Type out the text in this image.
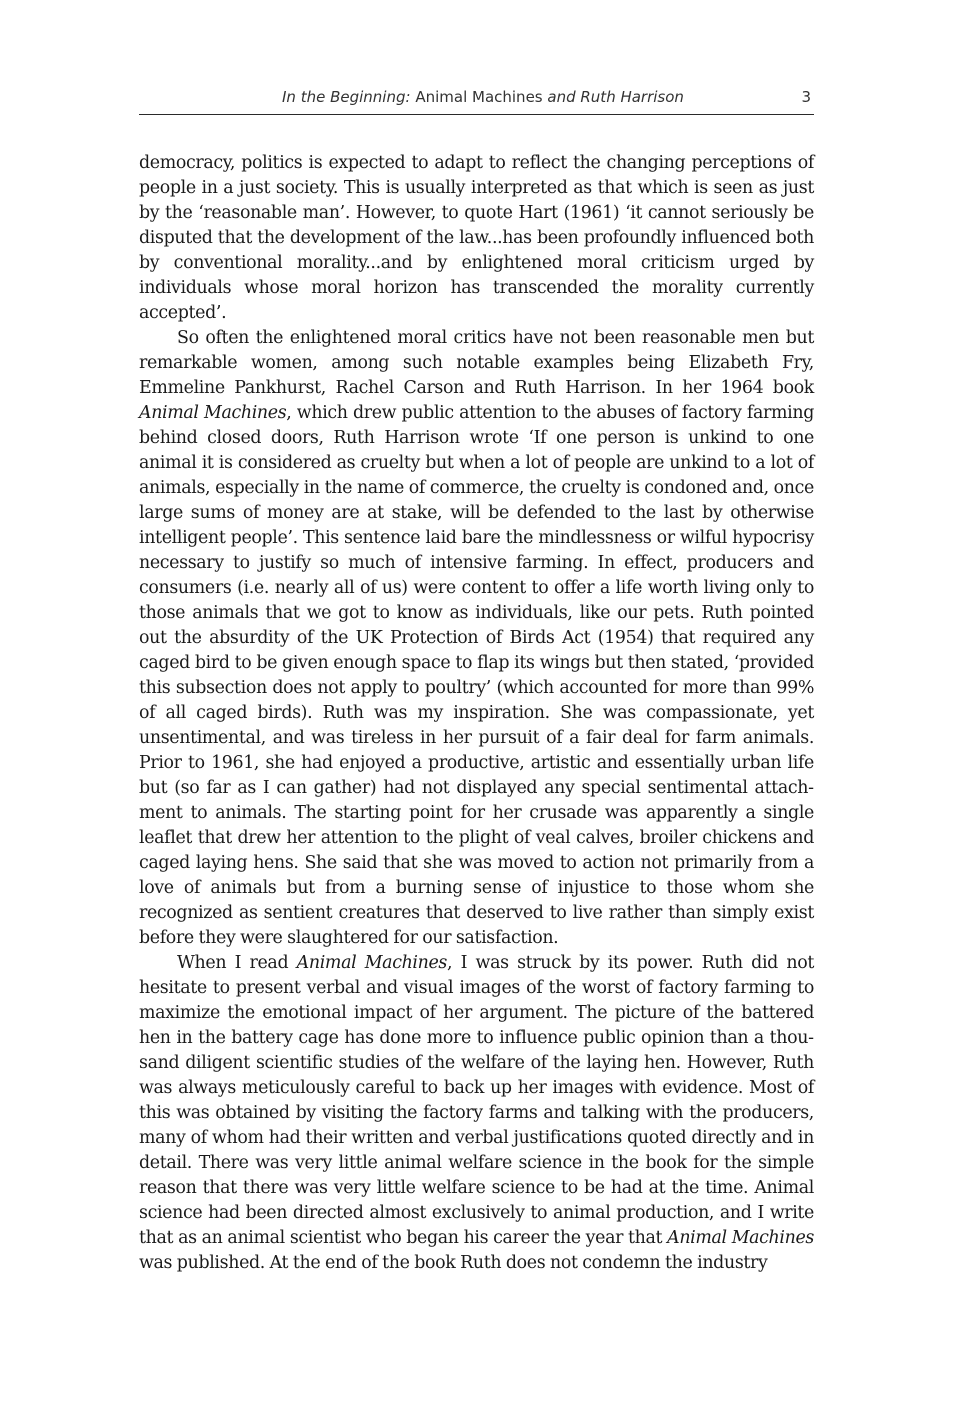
In the Beginning: Animal Machines and Ruth Harrison	3

democracy, politics is expected to adapt to reflect the changing perceptions of people in a just society. This is usually interpreted as that which is seen as just by the ‘reasonable man’. However, to quote Hart (1961) ‘it cannot seriously be disputed that the development of the law...has been profoundly influenced both by conventional morality...and by enlightened moral criticism urged by individuals whose moral horizon has transcended the morality currently accepted’.

So often the enlightened moral critics have not been reasonable men but remarkable women, among such notable examples being Elizabeth Fry, Emmeline Pankhurst, Rachel Carson and Ruth Harrison. In her 1964 book Animal Machines, which drew public attention to the abuses of factory farming behind closed doors, Ruth Harrison wrote ‘If one person is unkind to one animal it is considered as cruelty but when a lot of people are unkind to a lot of animals, especially in the name of commerce, the cruelty is condoned and, once large sums of money are at stake, will be defended to the last by otherwise intelligent people’. This sentence laid bare the mindlessness or wilful hypocrisy necessary to justify so much of intensive farming. In effect, producers and consumers (i.e. nearly all of us) were content to offer a life worth living only to those animals that we got to know as individuals, like our pets. Ruth pointed out the absurdity of the UK Protection of Birds Act (1954) that required any caged bird to be given enough space to flap its wings but then stated, ‘provided this subsection does not apply to poultry’ (which accounted for more than 99% of all caged birds). Ruth was my inspiration. She was compassionate, yet unsentimental, and was tireless in her pursuit of a fair deal for farm animals. Prior to 1961, she had enjoyed a productive, artistic and essentially urban life but (so far as I can gather) had not displayed any special sentimental attachment to animals. The starting point for her crusade was apparently a single leaflet that drew her attention to the plight of veal calves, broiler chickens and caged laying hens. She said that she was moved to action not primarily from a love of animals but from a burning sense of injustice to those whom she recognized as sentient creatures that deserved to live rather than simply exist before they were slaughtered for our satisfaction.

When I read Animal Machines, I was struck by its power. Ruth did not hesitate to present verbal and visual images of the worst of factory farming to maximize the emotional impact of her argument. The picture of the battered hen in the battery cage has done more to influence public opinion than a thousand diligent scientific studies of the welfare of the laying hen. However, Ruth was always meticulously careful to back up her images with evidence. Most of this was obtained by visiting the factory farms and talking with the producers, many of whom had their written and verbal justifications quoted directly and in detail. There was very little animal welfare science in the book for the simple reason that there was very little welfare science to be had at the time. Animal science had been directed almost exclusively to animal production, and I write that as an animal scientist who began his career the year that Animal Machines was published. At the end of the book Ruth does not condemn the industry
